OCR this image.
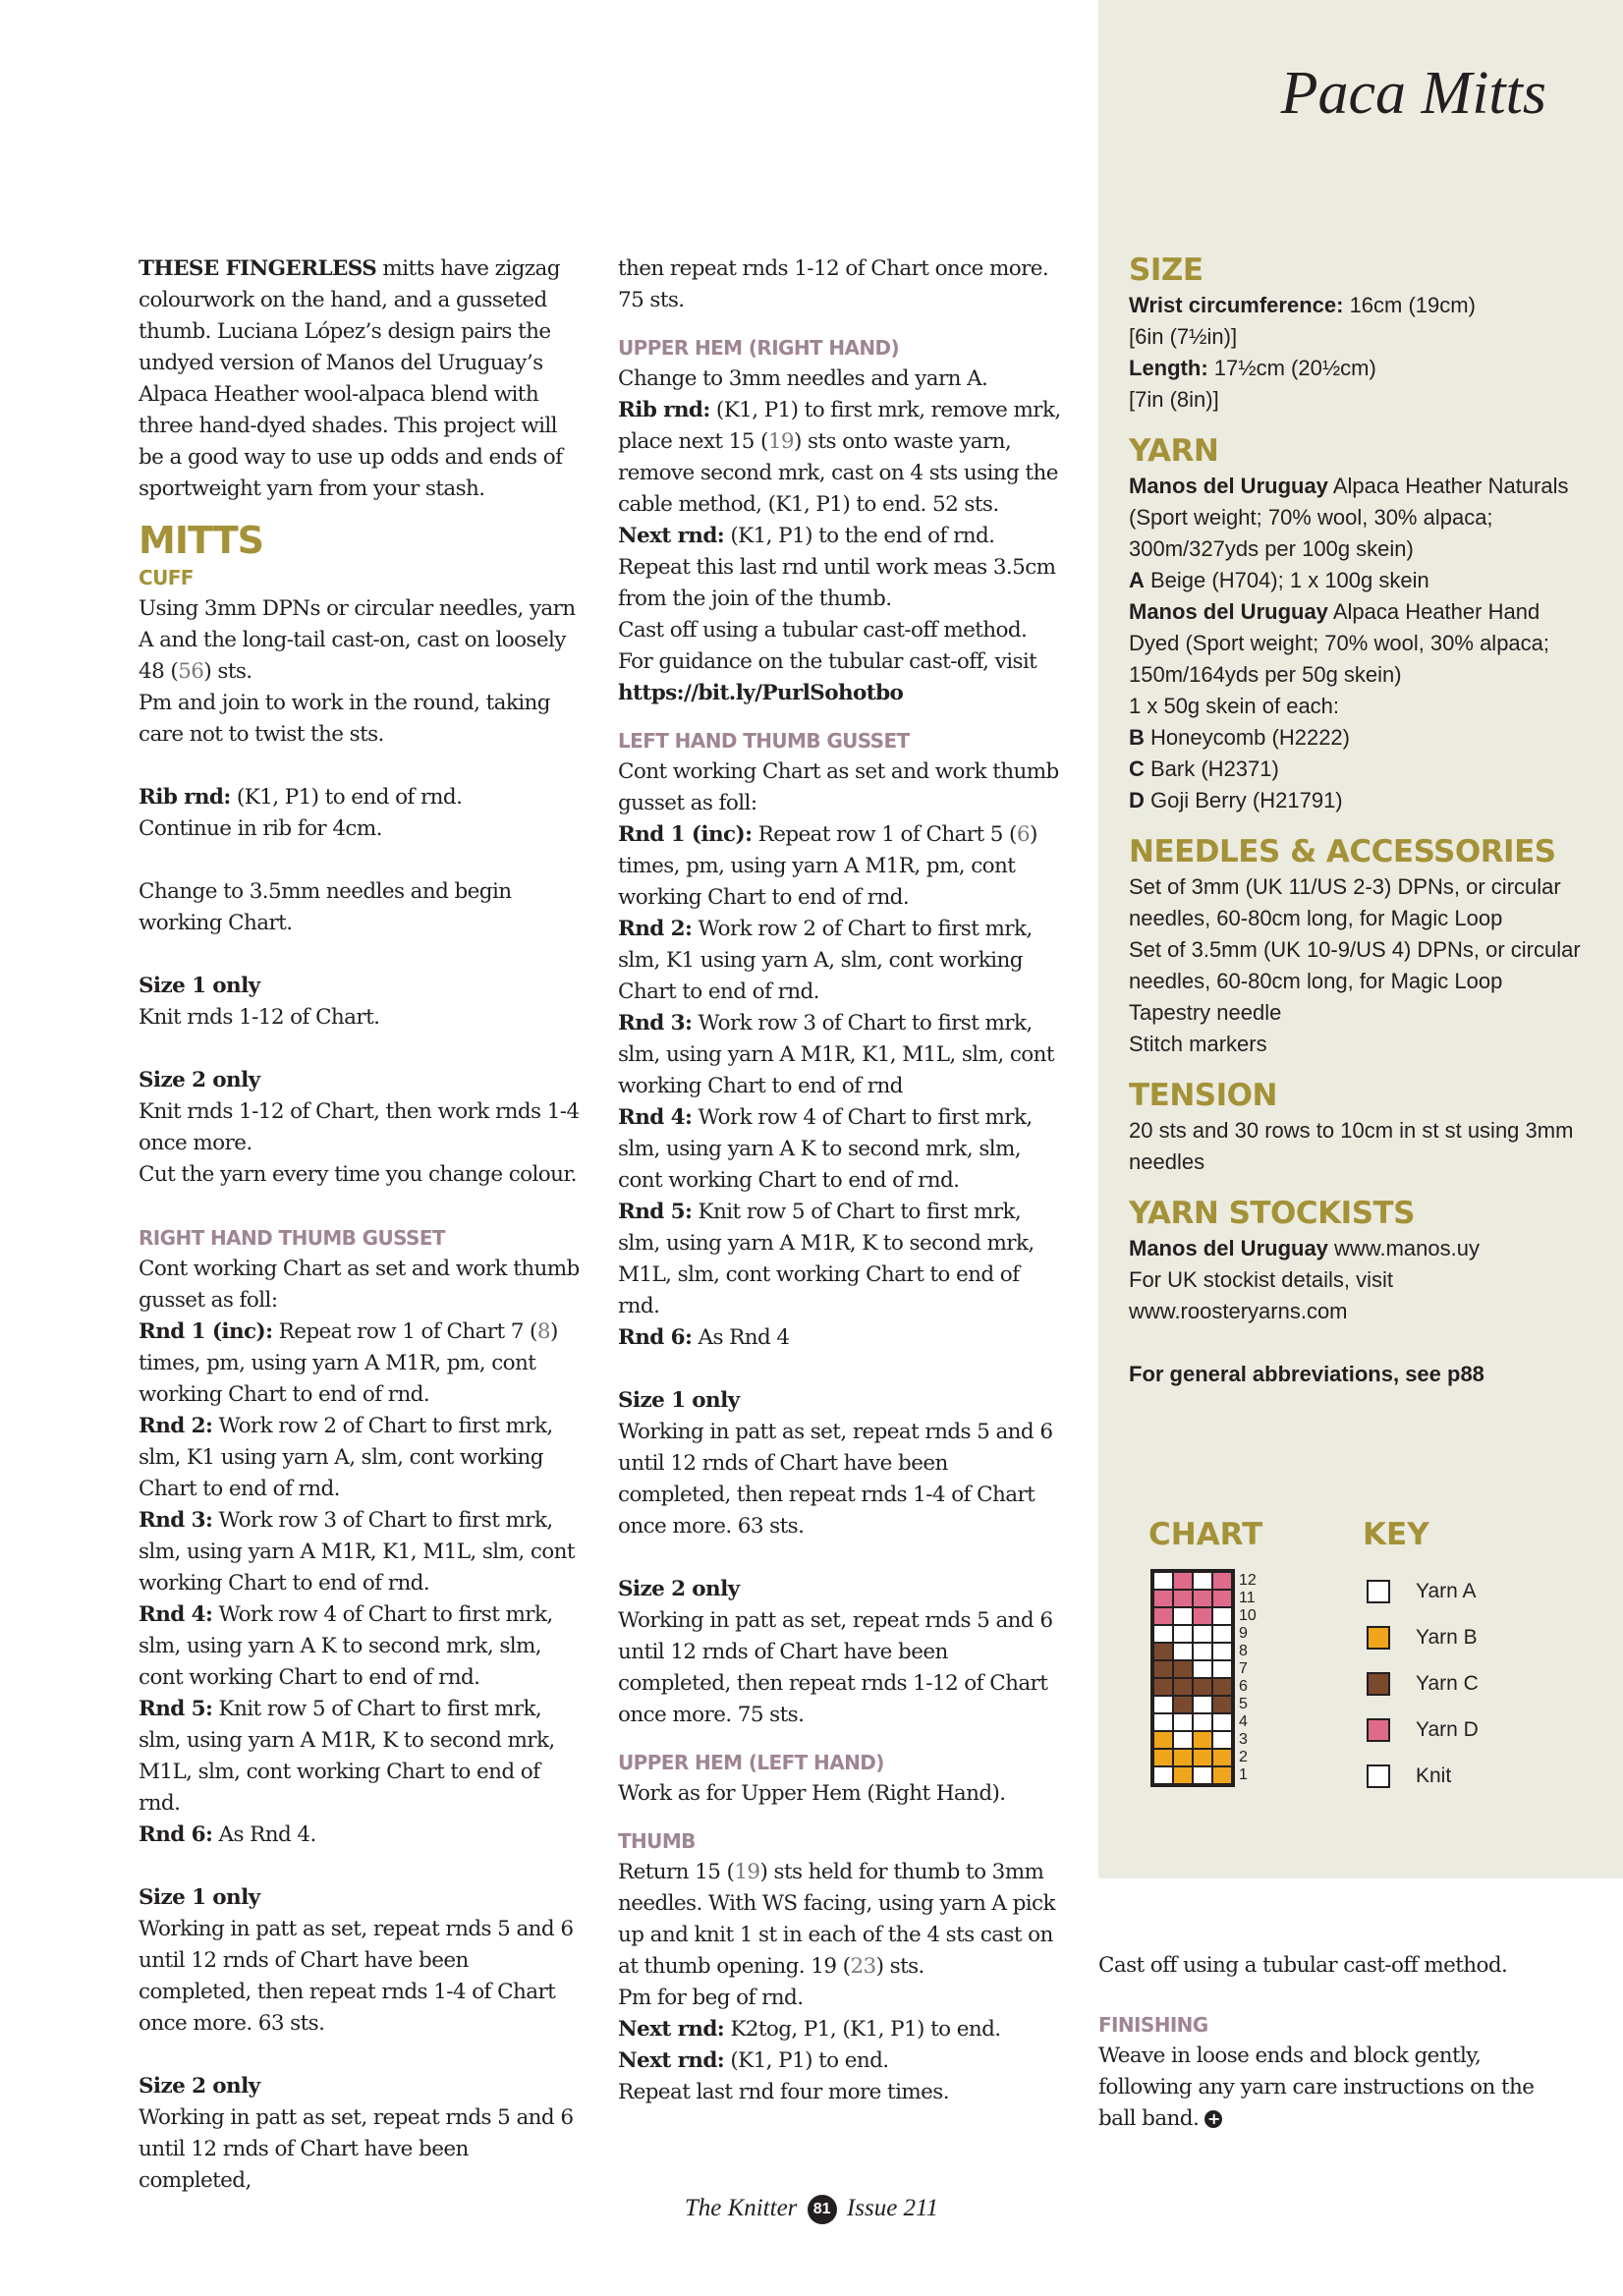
Paca Mitts

THESE FINGERLESS mitts have zigzag colourwork on the hand, and a gusseted thumb. Luciana López’s design pairs the undyed version of Manos del Uruguay’s Alpaca Heather wool-alpaca blend with three hand-dyed shades. This project will be a good way to use up odds and ends of sportweight yarn from your stash.

MITTS
CUFF

Using 3mm DPNs or circular needles, yarn A and the long-tail cast-on, cast on loosely 48 (56) sts.

Pm and join to work in the round, taking care not to twist the sts.

Rib rnd: (K1, P1) to end of rnd.

Continue in rib for 4cm.

Change to 3.5mm needles and begin working Chart.

Size 1 only

Knit rnds 1-12 of Chart.

Size 2 only

Knit rnds 1-12 of Chart, then work rnds 1-4 once more.

Cut the yarn every time you change colour.

RIGHT HAND THUMB GUSSET

Cont working Chart as set and work thumb gusset as foll:

Rnd 1 (inc): Repeat row 1 of Chart 7 (8) times, pm, using yarn A M1R, pm, cont working Chart to end of rnd.

Rnd 2: Work row 2 of Chart to first mrk, slm, K1 using yarn A, slm, cont working Chart to end of rnd.

Rnd 3: Work row 3 of Chart to first mrk, slm, using yarn A M1R, K1, M1L, slm, cont working Chart to end of rnd.

Rnd 4: Work row 4 of Chart to first mrk, slm, using yarn A K to second mrk, slm, cont working Chart to end of rnd.

Rnd 5: Knit row 5 of Chart to first mrk, slm, using yarn A M1R, K to second mrk, M1L, slm, cont working Chart to end of rnd.

Rnd 6: As Rnd 4.

Size 1 only

Working in patt as set, repeat rnds 5 and 6 until 12 rnds of Chart have been completed, then repeat rnds 1-4 of Chart once more. 63 sts.

Size 2 only

Working in patt as set, repeat rnds 5 and 6 until 12 rnds of Chart have been completed,

then repeat rnds 1-12 of Chart once more. 75 sts.

UPPER HEM (RIGHT HAND)

Change to 3mm needles and yarn A.

Rib rnd: (K1, P1) to first mrk, remove mrk, place next 15 (19) sts onto waste yarn, remove second mrk, cast on 4 sts using the cable method, (K1, P1) to end. 52 sts.

Next rnd: (K1, P1) to the end of rnd.

Repeat this last rnd until work meas 3.5cm from the join of the thumb.

Cast off using a tubular cast-off method.

For guidance on the tubular cast-off, visit

https://bit.ly/PurlSohotbo

LEFT HAND THUMB GUSSET

Cont working Chart as set and work thumb gusset as foll:

Rnd 1 (inc): Repeat row 1 of Chart 5 (6) times, pm, using yarn A M1R, pm, cont working Chart to end of rnd.

Rnd 2: Work row 2 of Chart to first mrk, slm, K1 using yarn A, slm, cont working Chart to end of rnd.

Rnd 3: Work row 3 of Chart to first mrk, slm, using yarn A M1R, K1, M1L, slm, cont working Chart to end of rnd

Rnd 4: Work row 4 of Chart to first mrk, slm, using yarn A K to second mrk, slm, cont working Chart to end of rnd.

Rnd 5: Knit row 5 of Chart to first mrk, slm, using yarn A M1R, K to second mrk, M1L, slm, cont working Chart to end of rnd.

Rnd 6: As Rnd 4

Size 1 only

Working in patt as set, repeat rnds 5 and 6 until 12 rnds of Chart have been completed, then repeat rnds 1-4 of Chart once more. 63 sts.

Size 2 only

Working in patt as set, repeat rnds 5 and 6 until 12 rnds of Chart have been completed, then repeat rnds 1-12 of Chart once more. 75 sts.

UPPER HEM (LEFT HAND)

Work as for Upper Hem (Right Hand).

THUMB

Return 15 (19) sts held for thumb to 3mm needles. With WS facing, using yarn A pick up and knit 1 st in each of the 4 sts cast on at thumb opening. 19 (23) sts.

Pm for beg of rnd.

Next rnd: K2tog, P1, (K1, P1) to end.

Next rnd: (K1, P1) to end.

Repeat last rnd four more times.

SIZE

Wrist circumference: 16cm (19cm)

[6in (7½in)]

Length: 17½cm (20½cm)

[7in (8in)]

YARN

Manos del Uruguay Alpaca Heather Naturals (Sport weight; 70% wool, 30% alpaca; 300m/327yds per 100g skein)

A Beige (H704); 1 x 100g skein

Manos del Uruguay Alpaca Heather Hand Dyed (Sport weight; 70% wool, 30% alpaca; 150m/164yds per 50g skein)

1 x 50g skein of each:

B Honeycomb (H2222)

C Bark (H2371)

D Goji Berry (H21791)

NEEDLES & ACCESSORIES

Set of 3mm (UK 11/US 2-3) DPNs, or circular needles, 60-80cm long, for Magic Loop

Set of 3.5mm (UK 10-9/US 4) DPNs, or circular needles, 60-80cm long, for Magic Loop

Tapestry needle

Stitch markers

TENSION

20 sts and 30 rows to 10cm in st st using 3mm needles

YARN STOCKISTS

Manos del Uruguay www.manos.uy

For UK stockist details, visit

www.roosteryarns.com

For general abbreviations, see p88

CHART
12
11
10
9
8
7
6
5
4
3
2
1
KEY
Yarn A
Yarn B
Yarn C
Yarn D
Knit

Cast off using a tubular cast-off method.

FINISHING

Weave in loose ends and block gently, following any yarn care instructions on the ball band. +

The Knitter 81 Issue 211
